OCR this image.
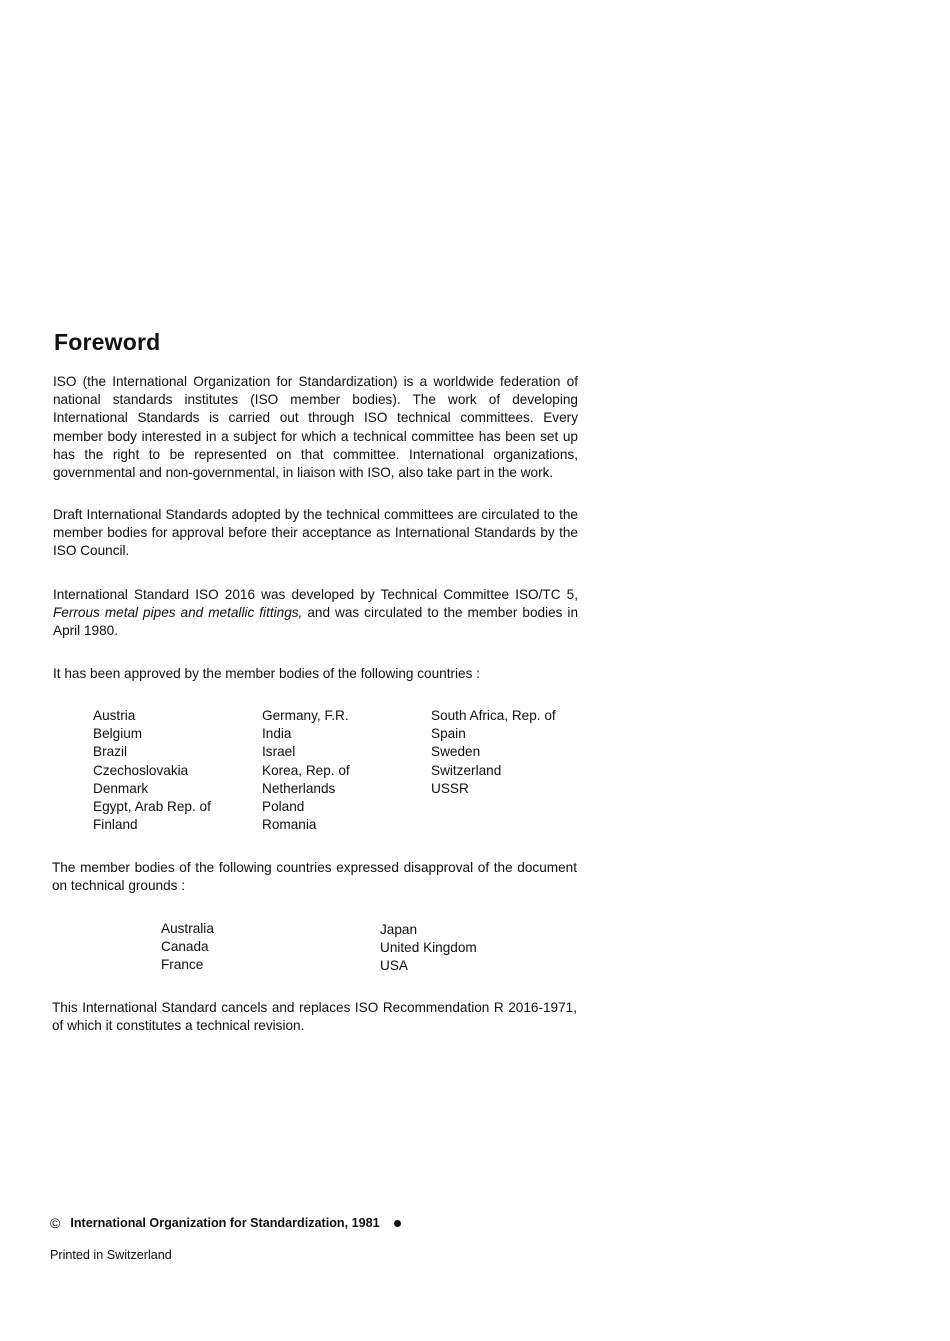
Foreword

ISO (the International Organization for Standardization) is a worldwide federation of national standards institutes (ISO member bodies). The work of developing International Standards is carried out through ISO technical committees. Every member body interested in a subject for which a technical committee has been set up has the right to be represented on that committee. International organizations, governmental and non-governmental, in liaison with ISO, also take part in the work.

Draft International Standards adopted by the technical committees are circulated to the member bodies for approval before their acceptance as International Standards by the ISO Council.

International Standard ISO 2016 was developed by Technical Committee ISO/TC 5, Ferrous metal pipes and metallic fittings, and was circulated to the member bodies in April 1980.

It has been approved by the member bodies of the following countries :

Austria
Belgium
Brazil
Czechoslovakia
Denmark
Egypt, Arab Rep. of
Finland
Germany, F.R.
India
Israel
Korea, Rep. of
Netherlands
Poland
Romania
South Africa, Rep. of
Spain
Sweden
Switzerland
USSR

The member bodies of the following countries expressed disapproval of the document on technical grounds :

Australia
Canada
France
Japan
United Kingdom
USA

This International Standard cancels and replaces ISO Recommendation R 2016-1971, of which it constitutes a technical revision.

© International Organization for Standardization, 1981
Printed in Switzerland
